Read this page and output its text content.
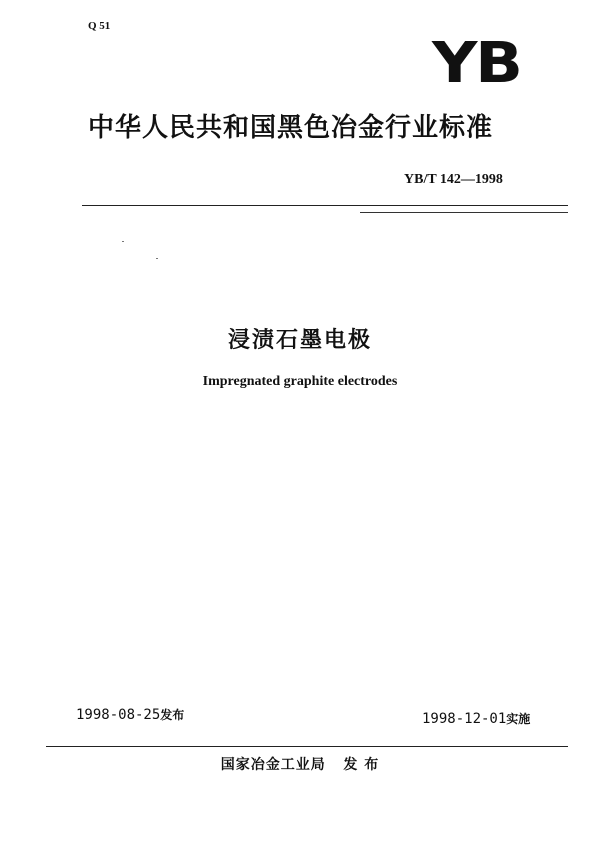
Q 51
YB
中华人民共和国黑色冶金行业标准
YB/T 142—1998
浸渍石墨电极
Impregnated graphite electrodes
1998-08-25发布	1998-12-01实施
国家冶金工业局   发 布
